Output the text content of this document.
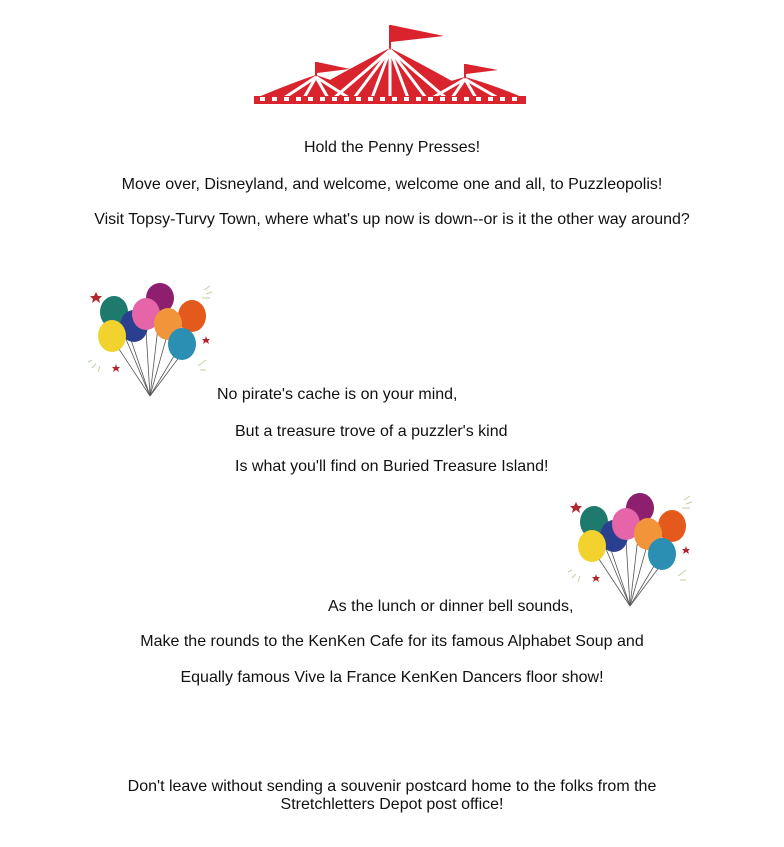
Hold the Penny Presses!

Move over, Disneyland, and welcome, welcome one and all, to Puzzleopolis!

Visit Topsy-Turvy Town, where what's up now is down--or is it the other way around?

No pirate's cache is on your mind,

But a treasure trove of a puzzler's kind

Is what you'll find on Buried Treasure Island!

As the lunch or dinner bell sounds,

Make the rounds to the KenKen Cafe for its famous Alphabet Soup and

Equally famous Vive la France KenKen Dancers floor show!

Don't leave without sending a souvenir postcard home to the folks from the
Stretchletters Depot post office!
